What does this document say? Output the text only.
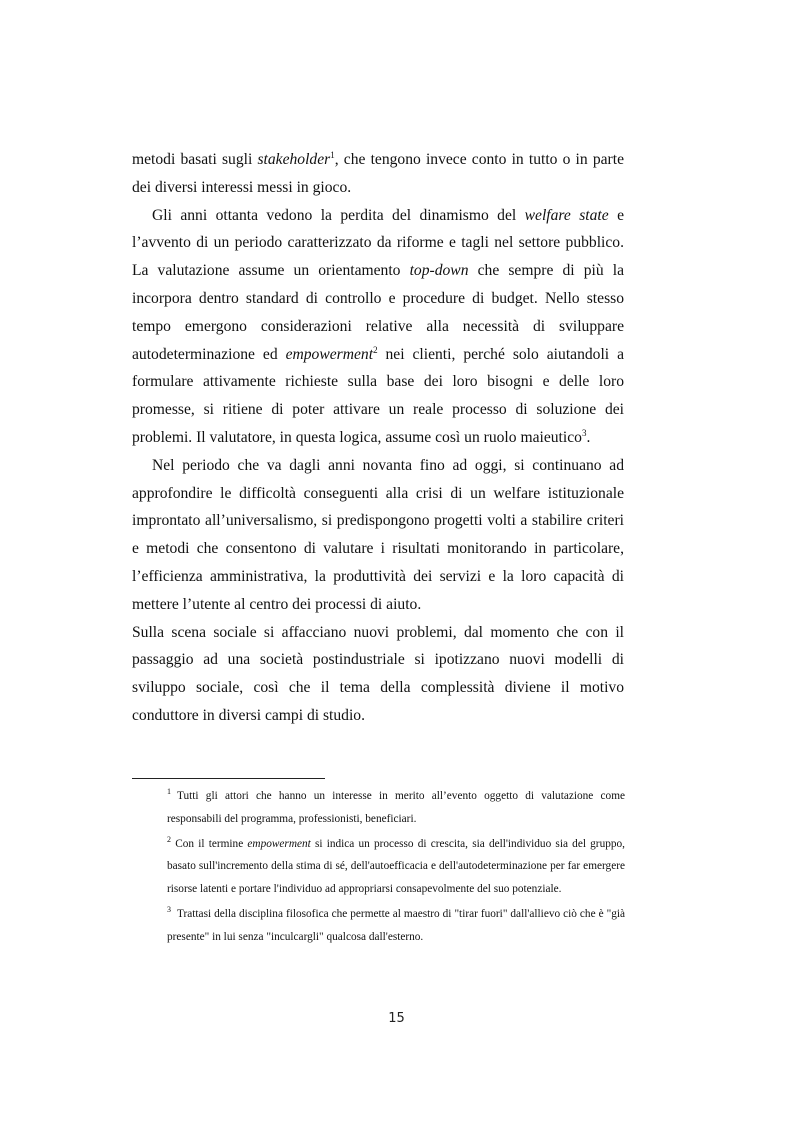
metodi basati sugli stakeholder$^1$, che tengono invece conto in tutto o in parte dei diversi interessi messi in gioco.

Gli anni ottanta vedono la perdita del dinamismo del welfare state e l’avvento di un periodo caratterizzato da riforme e tagli nel settore pubblico. La valutazione assume un orientamento top-down che sempre di più la incorpora dentro standard di controllo e procedure di budget. Nello stesso tempo emergono considerazioni relative alla necessità di sviluppare autodeterminazione ed empowerment$^2$ nei clienti, perché solo aiutandoli a formulare attivamente richieste sulla base dei loro bisogni e delle loro promesse, si ritiene di poter attivare un reale processo di soluzione dei problemi. Il valutatore, in questa logica, assume così un ruolo maieutico$^3$.

Nel periodo che va dagli anni novanta fino ad oggi, si continuano ad approfondire le difficoltà conseguenti alla crisi di un welfare istituzionale improntato all’universalismo, si predispongono progetti volti a stabilire criteri e metodi che consentono di valutare i risultati monitorando in particolare, l’efficienza amministrativa, la produttività dei servizi e la loro capacità di mettere l’utente al centro dei processi di aiuto.

Sulla scena sociale si affacciano nuovi problemi, dal momento che con il passaggio ad una società postindustriale si ipotizzano nuovi modelli di sviluppo sociale, così che il tema della complessità diviene il motivo conduttore in diversi campi di studio.

$^1$ Tutti gli attori che hanno un interesse in merito all’evento oggetto di valutazione come responsabili del programma, professionisti, beneficiari.

$^2$ Con il termine empowerment si indica un processo di crescita, sia dell'individuo sia del gruppo, basato sull'incremento della stima di sé, dell'autoefficacia e dell'autodeterminazione per far emergere risorse latenti e portare l'individuo ad appropriarsi consapevolmente del suo potenziale.

$^3$ Trattasi della disciplina filosofica che permette al maestro di "tirar fuori" dall'allievo ciò che è "già presente" in lui senza "inculcargli" qualcosa dall'esterno.

15
